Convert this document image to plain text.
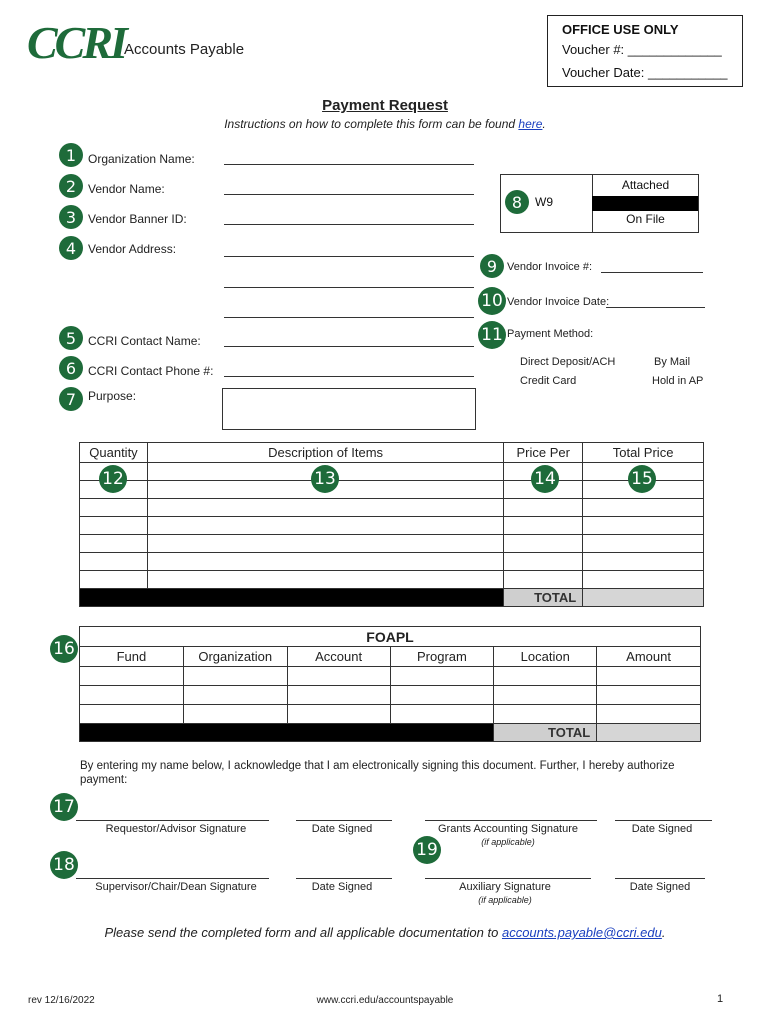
CCRI Accounts Payable
OFFICE USE ONLY
Voucher #: _____________
Voucher Date: ___________
Payment Request
Instructions on how to complete this form can be found here.
1 Organization Name:
2 Vendor Name:
3 Vendor Banner ID:
4 Vendor Address:
5 CCRI Contact Name:
6 CCRI Contact Phone #:
7 Purpose:
Attached
On File
W9
8
9 Vendor Invoice #:
10 Vendor Invoice Date:
11 Payment Method:
Direct Deposit/ACH	By Mail
Credit Card	Hold in AP
Quantity	Description of Items	Price Per	Total Price

		TOTAL	
12	13	14	15
16
FOAPL					
Fund	Organization	Account	Program	Location	Amount

				TOTAL	
By entering my name below, I acknowledge that I am electronically signing this document. Further, I hereby authorize payment:
17
Requestor/Advisor Signature	Date Signed	Grants Accounting Signature
(if applicable)
Date Signed
19
18
Supervisor/Chair/Dean Signature	Date Signed	Auxiliary Signature
(if applicable)
Date Signed
Please send the completed form and all applicable documentation to accounts.payable@ccri.edu.
rev 12/16/2022	www.ccri.edu/accountspayable	1
